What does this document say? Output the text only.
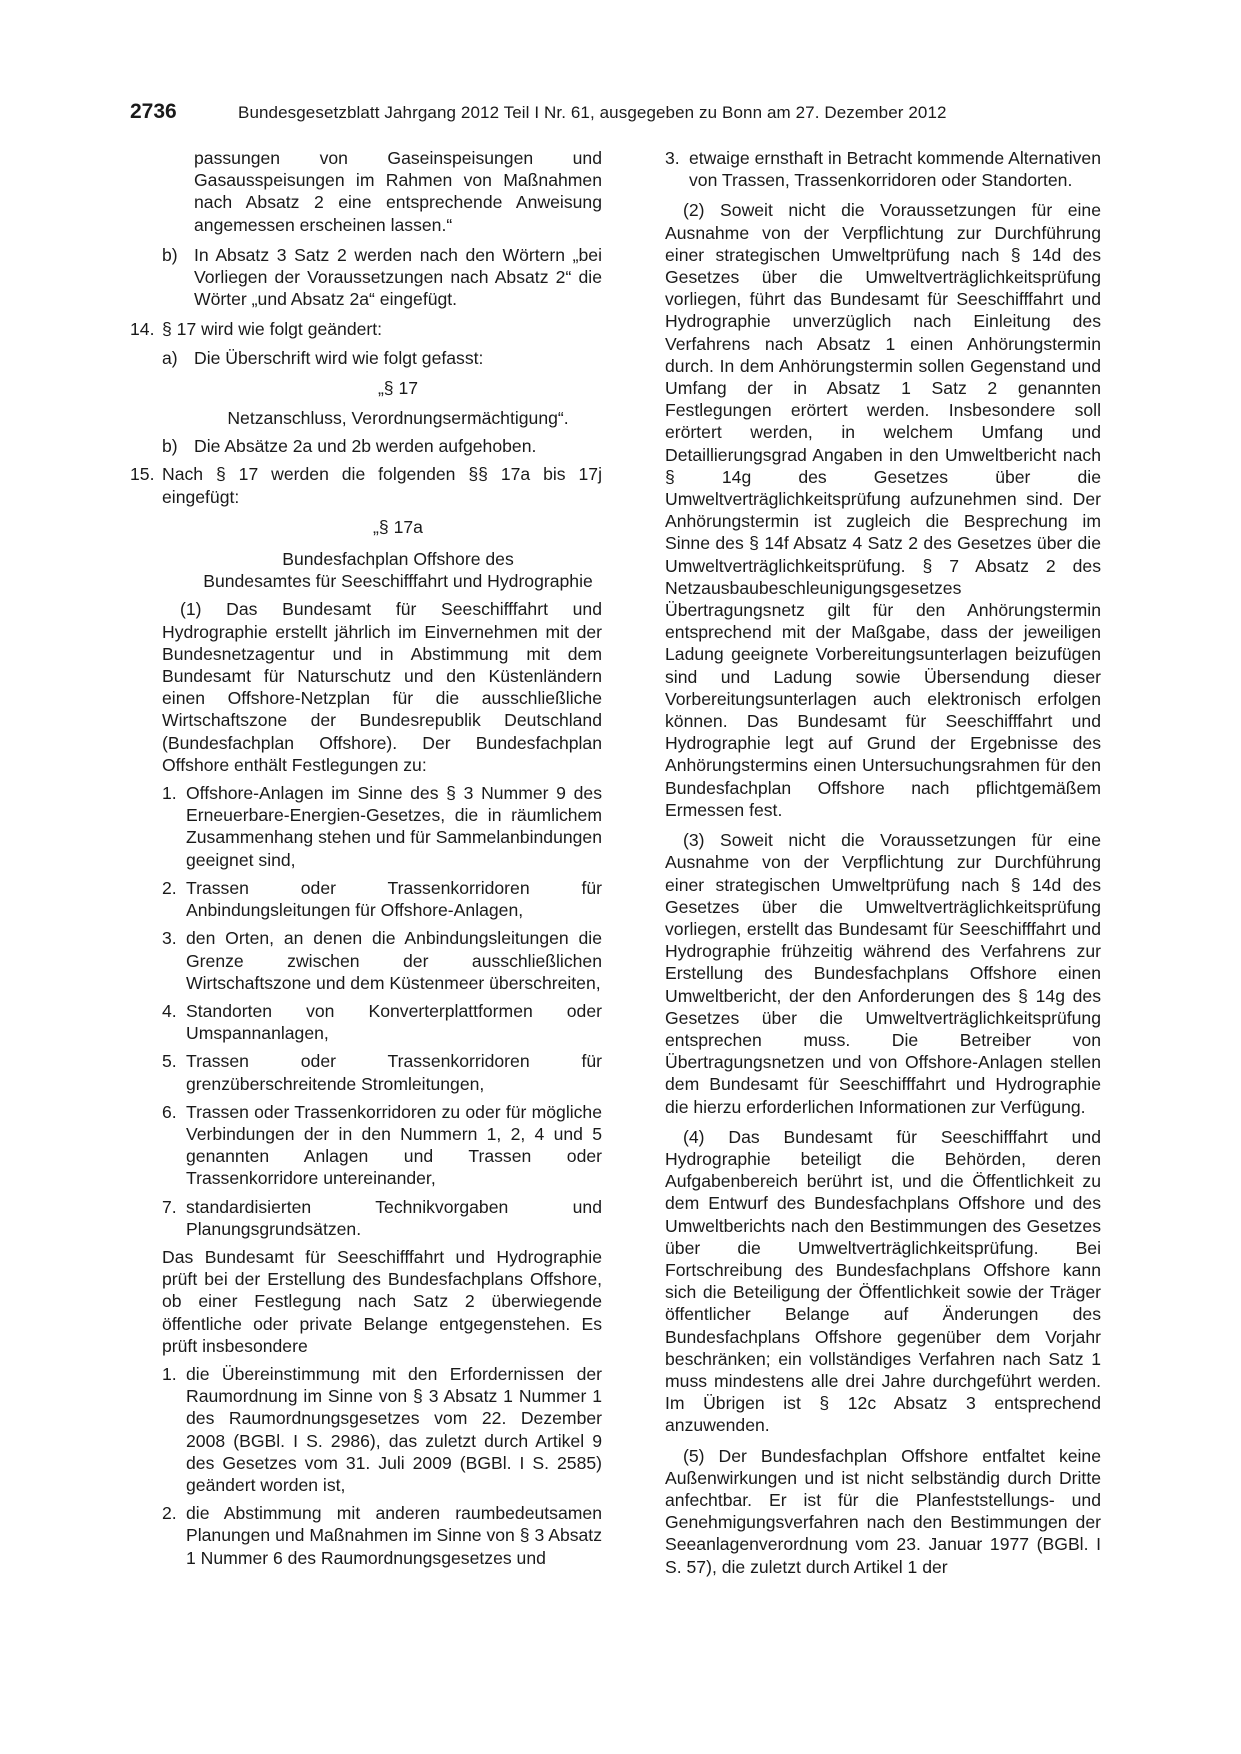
2736	Bundesgesetzblatt Jahrgang 2012 Teil I Nr. 61, ausgegeben zu Bonn am 27. Dezember 2012

passungen von Gaseinspeisungen und Gasausspeisungen im Rahmen von Maßnahmen nach Absatz 2 eine entsprechende Anweisung angemessen erscheinen lassen.“

b) In Absatz 3 Satz 2 werden nach den Wörtern „bei Vorliegen der Voraussetzungen nach Absatz 2“ die Wörter „und Absatz 2a“ eingefügt.

14. § 17 wird wie folgt geändert:

a) Die Überschrift wird wie folgt gefasst:

„§ 17

Netzanschluss, Verordnungsermächtigung“.

b) Die Absätze 2a und 2b werden aufgehoben.

15. Nach § 17 werden die folgenden §§ 17a bis 17j eingefügt:

„§ 17a

Bundesfachplan Offshore des

Bundesamtes für Seeschifffahrt und Hydrographie

(1) Das Bundesamt für Seeschifffahrt und Hydrographie erstellt jährlich im Einvernehmen mit der Bundesnetzagentur und in Abstimmung mit dem Bundesamt für Naturschutz und den Küstenländern einen Offshore-Netzplan für die ausschließliche Wirtschaftszone der Bundesrepublik Deutschland (Bundesfachplan Offshore). Der Bundesfachplan Offshore enthält Festlegungen zu:

1. Offshore-Anlagen im Sinne des § 3 Nummer 9 des Erneuerbare-Energien-Gesetzes, die in räumlichem Zusammenhang stehen und für Sammelanbindungen geeignet sind,

2. Trassen oder Trassenkorridoren für Anbindungsleitungen für Offshore-Anlagen,

3. den Orten, an denen die Anbindungsleitungen die Grenze zwischen der ausschließlichen Wirtschaftszone und dem Küstenmeer überschreiten,

4. Standorten von Konverterplattformen oder Umspannanlagen,

5. Trassen oder Trassenkorridoren für grenzüberschreitende Stromleitungen,

6. Trassen oder Trassenkorridoren zu oder für mögliche Verbindungen der in den Nummern 1, 2, 4 und 5 genannten Anlagen und Trassen oder Trassenkorridore untereinander,

7. standardisierten Technikvorgaben und Planungsgrundsätzen.

Das Bundesamt für Seeschifffahrt und Hydrographie prüft bei der Erstellung des Bundesfachplans Offshore, ob einer Festlegung nach Satz 2 überwiegende öffentliche oder private Belange entgegenstehen. Es prüft insbesondere

1. die Übereinstimmung mit den Erfordernissen der Raumordnung im Sinne von § 3 Absatz 1 Nummer 1 des Raumordnungsgesetzes vom 22. Dezember 2008 (BGBl. I S. 2986), das zuletzt durch Artikel 9 des Gesetzes vom 31. Juli 2009 (BGBl. I S. 2585) geändert worden ist,

2. die Abstimmung mit anderen raumbedeutsamen Planungen und Maßnahmen im Sinne von § 3 Absatz 1 Nummer 6 des Raumordnungsgesetzes und

3. etwaige ernsthaft in Betracht kommende Alternativen von Trassen, Trassenkorridoren oder Standorten.

(2) Soweit nicht die Voraussetzungen für eine Ausnahme von der Verpflichtung zur Durchführung einer strategischen Umweltprüfung nach § 14d des Gesetzes über die Umweltverträglichkeitsprüfung vorliegen, führt das Bundesamt für Seeschifffahrt und Hydrographie unverzüglich nach Einleitung des Verfahrens nach Absatz 1 einen Anhörungstermin durch. In dem Anhörungstermin sollen Gegenstand und Umfang der in Absatz 1 Satz 2 genannten Festlegungen erörtert werden. Insbesondere soll erörtert werden, in welchem Umfang und Detaillierungsgrad Angaben in den Umweltbericht nach § 14g des Gesetzes über die Umweltverträglichkeitsprüfung aufzunehmen sind. Der Anhörungstermin ist zugleich die Besprechung im Sinne des § 14f Absatz 4 Satz 2 des Gesetzes über die Umweltverträglichkeitsprüfung. § 7 Absatz 2 des Netzausbaubeschleunigungsgesetzes Übertragungsnetz gilt für den Anhörungstermin entsprechend mit der Maßgabe, dass der jeweiligen Ladung geeignete Vorbereitungsunterlagen beizufügen sind und Ladung sowie Übersendung dieser Vorbereitungsunterlagen auch elektronisch erfolgen können. Das Bundesamt für Seeschifffahrt und Hydrographie legt auf Grund der Ergebnisse des Anhörungstermins einen Untersuchungsrahmen für den Bundesfachplan Offshore nach pflichtgemäßem Ermessen fest.

(3) Soweit nicht die Voraussetzungen für eine Ausnahme von der Verpflichtung zur Durchführung einer strategischen Umweltprüfung nach § 14d des Gesetzes über die Umweltverträglichkeitsprüfung vorliegen, erstellt das Bundesamt für Seeschifffahrt und Hydrographie frühzeitig während des Verfahrens zur Erstellung des Bundesfachplans Offshore einen Umweltbericht, der den Anforderungen des § 14g des Gesetzes über die Umweltverträglichkeitsprüfung entsprechen muss. Die Betreiber von Übertragungsnetzen und von Offshore-Anlagen stellen dem Bundesamt für Seeschifffahrt und Hydrographie die hierzu erforderlichen Informationen zur Verfügung.

(4) Das Bundesamt für Seeschifffahrt und Hydrographie beteiligt die Behörden, deren Aufgabenbereich berührt ist, und die Öffentlichkeit zu dem Entwurf des Bundesfachplans Offshore und des Umweltberichts nach den Bestimmungen des Gesetzes über die Umweltverträglichkeitsprüfung. Bei Fortschreibung des Bundesfachplans Offshore kann sich die Beteiligung der Öffentlichkeit sowie der Träger öffentlicher Belange auf Änderungen des Bundesfachplans Offshore gegenüber dem Vorjahr beschränken; ein vollständiges Verfahren nach Satz 1 muss mindestens alle drei Jahre durchgeführt werden. Im Übrigen ist § 12c Absatz 3 entsprechend anzuwenden.

(5) Der Bundesfachplan Offshore entfaltet keine Außenwirkungen und ist nicht selbständig durch Dritte anfechtbar. Er ist für die Planfeststellungs- und Genehmigungsverfahren nach den Bestimmungen der Seeanlagenverordnung vom 23. Januar 1977 (BGBl. I S. 57), die zuletzt durch Artikel 1 der
